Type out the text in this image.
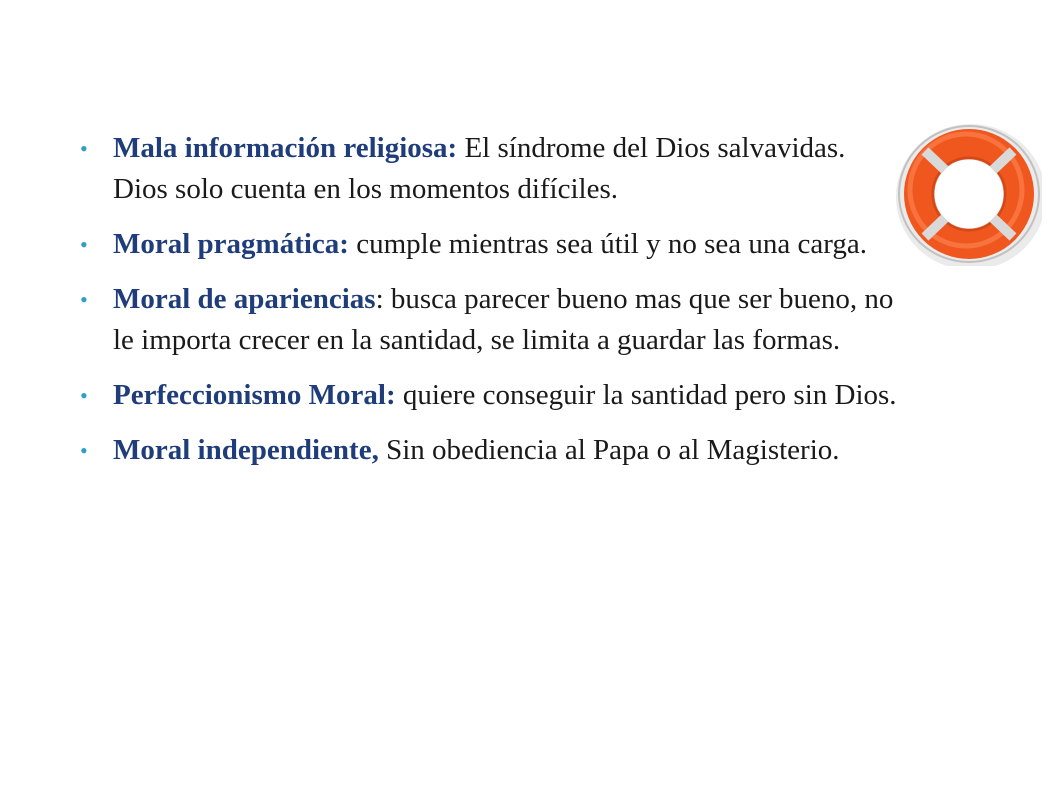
• Mala información religiosa: El síndrome del Dios salvavidas. Dios solo cuenta en los momentos difíciles.
• Moral pragmática: cumple mientras sea útil y no sea una carga.
• Moral de apariencias: busca parecer bueno mas que ser bueno, no le importa crecer en la santidad, se limita a guardar las formas.
• Perfeccionismo Moral: quiere conseguir la santidad pero sin Dios.
• Moral independiente, Sin obediencia al Papa o al Magisterio.
